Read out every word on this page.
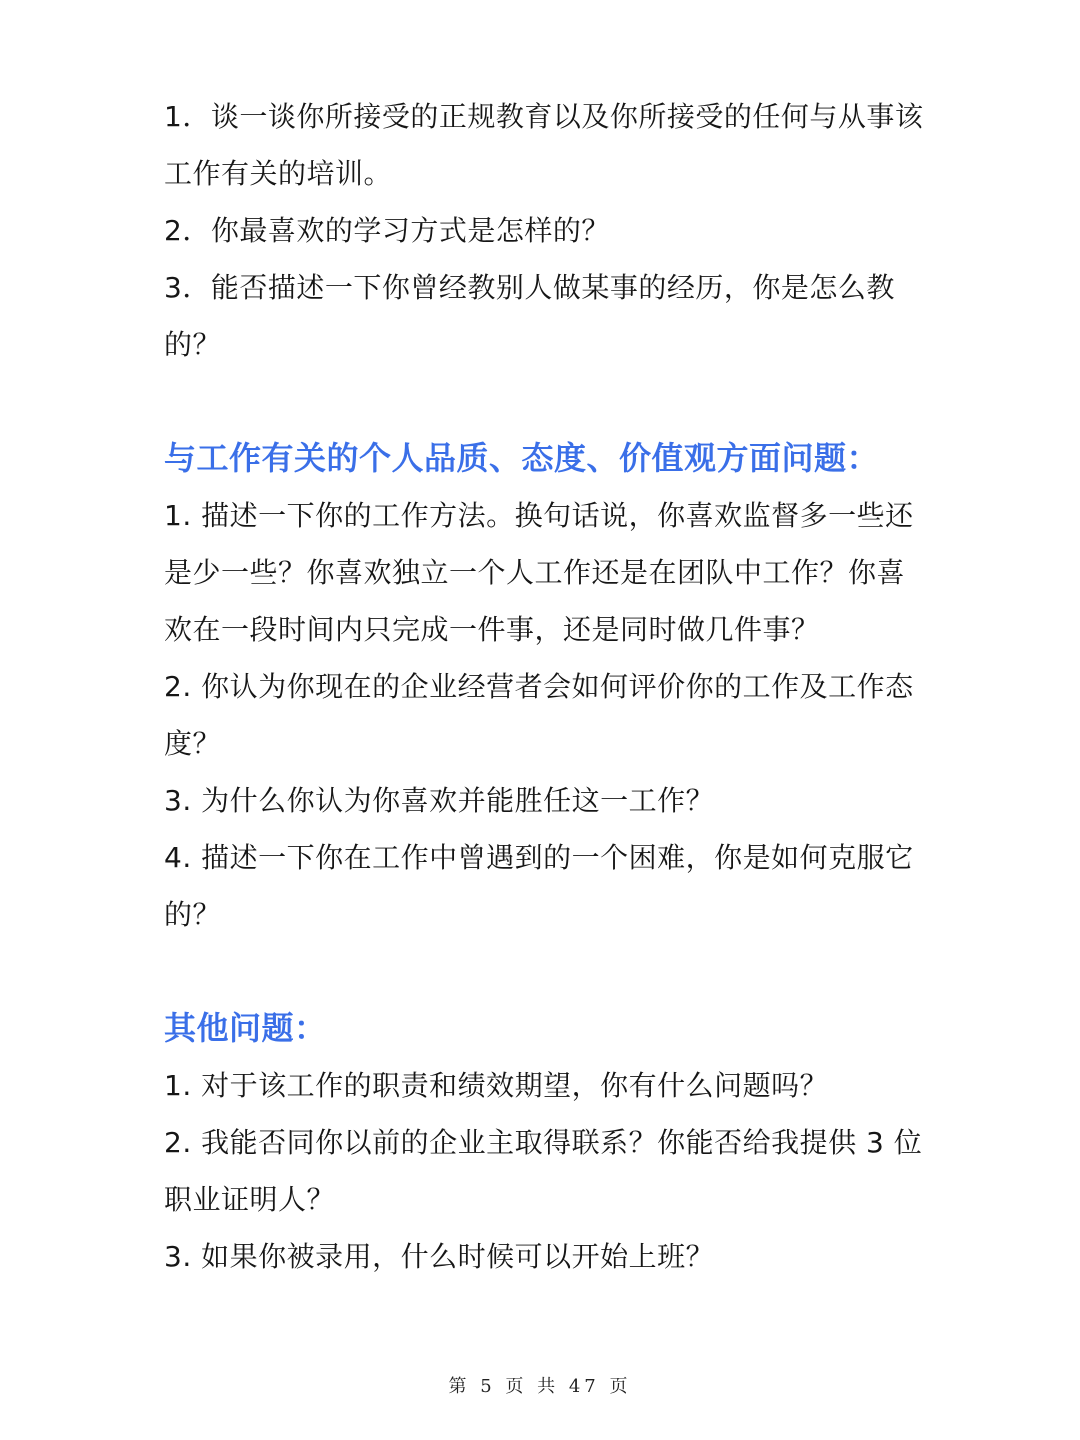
1．谈一谈你所接受的正规教育以及你所接受的任何与从事该工作有关的培训。

2．你最喜欢的学习方式是怎样的？

3．能否描述一下你曾经教别人做某事的经历，你是怎么教的？

与工作有关的个人品质、态度、价值观方面问题：

1. 描述一下你的工作方法。换句话说，你喜欢监督多一些还是少一些？你喜欢独立一个人工作还是在团队中工作？你喜欢在一段时间内只完成一件事，还是同时做几件事？

2. 你认为你现在的企业经营者会如何评价你的工作及工作态度？

3. 为什么你认为你喜欢并能胜任这一工作？

4. 描述一下你在工作中曾遇到的一个困难，你是如何克服它的？

其他问题：

1. 对于该工作的职责和绩效期望，你有什么问题吗？

2. 我能否同你以前的企业主取得联系？你能否给我提供 3 位职业证明人？

3. 如果你被录用，什么时候可以开始上班？

第 5 页 共 47 页
